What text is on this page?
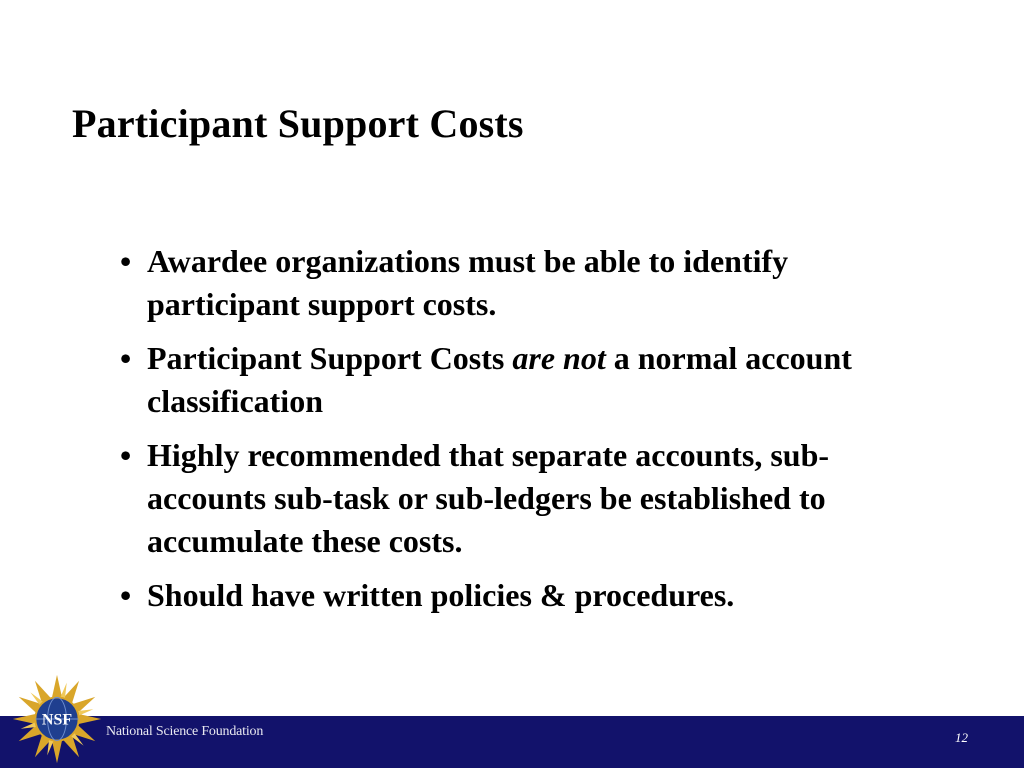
Participant Support Costs
• Awardee organizations must be able to identify participant support costs.
• Participant Support Costs are not a normal account classification
• Highly recommended that separate accounts, sub-accounts sub-task or sub-ledgers be established to accumulate these costs.
• Should have written policies & procedures.
NSF
National Science Foundation	12
